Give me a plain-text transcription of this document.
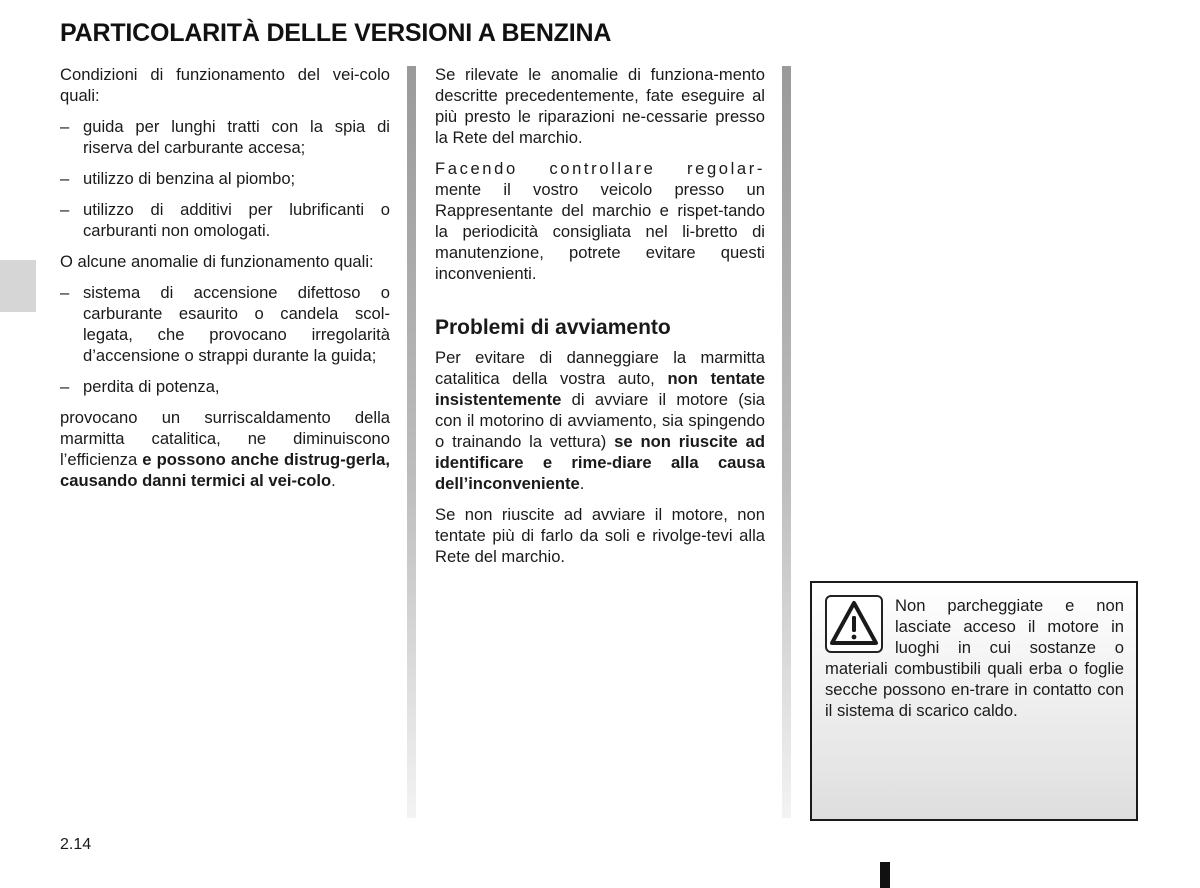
PARTICOLARITÀ DELLE VERSIONI A BENZINA

Condizioni di funzionamento del vei-colo quali:

– guida per lunghi tratti con la spia di riserva del carburante accesa;
– utilizzo di benzina al piombo;
– utilizzo di additivi per lubrificanti o carburanti non omologati.

O alcune anomalie di funzionamento quali:

– sistema di accensione difettoso o carburante esaurito o candela scol-legata, che provocano irregolarità d’accensione o strappi durante la guida;
– perdita di potenza,

provocano un surriscaldamento della marmitta catalitica, ne diminuiscono l’efficienza e possono anche distrug-gerla, causando danni termici al vei-colo.

Se rilevate le anomalie di funziona-mento descritte precedentemente, fate eseguire al più presto le riparazioni ne-cessarie presso la Rete del marchio.

Facendo controllare regolar- mente il vostro veicolo presso un Rappresentante del marchio e rispet-tando la periodicità consigliata nel li-bretto di manutenzione, potrete evitare questi inconvenienti.

Problemi di avviamento

Per evitare di danneggiare la marmitta catalitica della vostra auto, non tentate insistentemente di avviare il motore (sia con il motorino di avviamento, sia spingendo o trainando la vettura) se non riuscite ad identificare e rime-diare alla causa dell’inconveniente.

Se non riuscite ad avviare il motore, non tentate più di farlo da soli e rivolge-tevi alla Rete del marchio.

Non parcheggiate e non lasciate acceso il motore in luoghi in cui sostanze o materiali combustibili quali erba o foglie secche possono en-trare in contatto con il sistema di scarico caldo.

2.14
